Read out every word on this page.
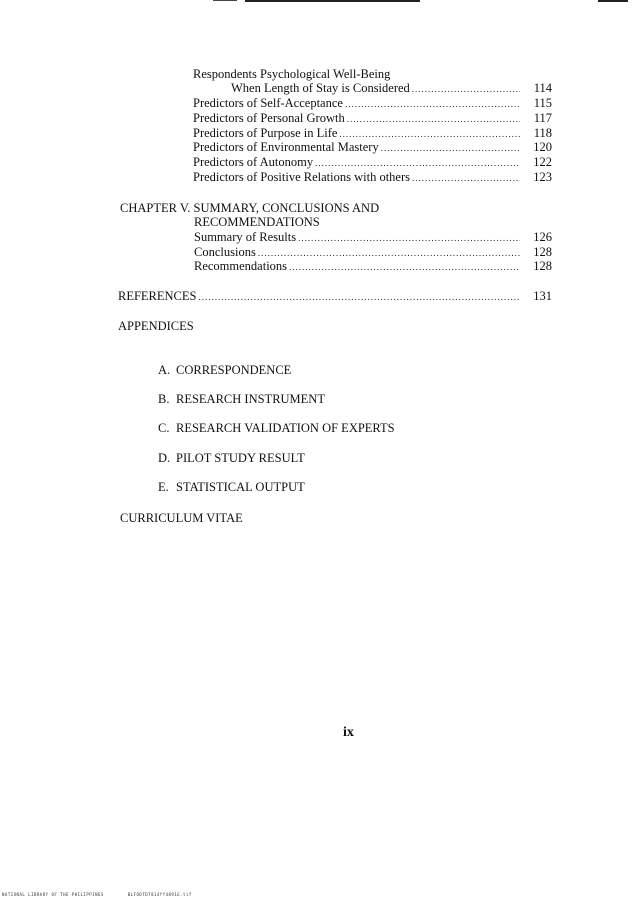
Respondents Psychological Well-Being
When Length of Stay is Considered .....	114
Predictors of Self-Acceptance .....	115
Predictors of Personal Growth .....	117
Predictors of Purpose in Life .....	118
Predictors of Environmental Mastery .....	120
Predictors of Autonomy .....	122
Predictors of Positive Relations with others .....	123
CHAPTER V. SUMMARY, CONCLUSIONS AND
RECOMMENDATIONS
Summary of Results .....	126
Conclusions .....	128
Recommendations .....	128
REFERENCES .....	131
APPENDICES
A. CORRESPONDENCE
B. RESEARCH INSTRUMENT
C. RESEARCH VALIDATION OF EXPERTS
D. PILOT STUDY RESULT
E. STATISTICAL OUTPUT
CURRICULUM VITAE
ix
NATIONAL LIBRARY OF THE PHILIPPINES	BLFODTD7814ff4891E.tif
